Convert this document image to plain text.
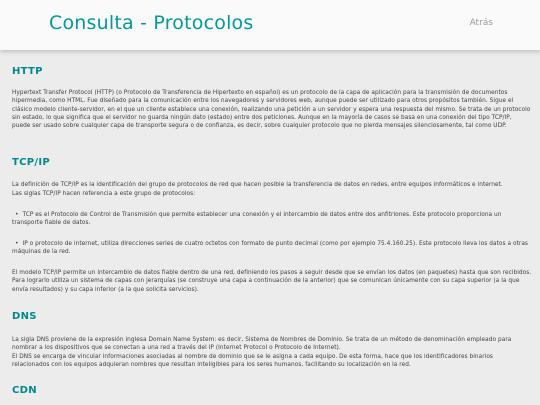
Consulta - Protocolos	Atrás
HTTP

Hypertext Transfer Protocol (HTTP) (o Protocolo de Transferencia de Hipertexto en español) es un protocolo de la capa de aplicación para la transmisión de documentos hipermedia, como HTML. Fue diseñado para la comunicación entre los navegadores y servidores web, aunque puede ser utilizado para otros propósitos también. Sigue el clásico modelo cliente-servidor, en el que un cliente establece una conexión, realizando una petición a un servidor y espera una respuesta del mismo. Se trata de un protocolo sin estado, lo que significa que el servidor no guarda ningún dato (estado) entre dos peticiones. Aunque en la mayoría de casos se basa en una conexión del tipo TCP/IP, puede ser usado sobre cualquier capa de transporte segura o de confianza, es decir, sobre cualquier protocolo que no pierda mensajes silenciosamente, tal como UDP.

TCP/IP

La definición de TCP/IP es la identificación del grupo de protocolos de red que hacen posible la transferencia de datos en redes, entre equipos informáticos e internet.

Las siglas TCP/IP hacen referencia a este grupo de protocolos:

• TCP es el Protocolo de Control de Transmisión que permite establecer una conexión y el intercambio de datos entre dos anfitriones. Este protocolo proporciona un transporte fiable de datos.

• IP o protocolo de internet, utiliza direcciones series de cuatro octetos con formato de punto decimal (como por ejemplo 75.4.160.25). Este protocolo lleva los datos a otras máquinas de la red.

El modelo TCP/IP permite un intercambio de datos fiable dentro de una red, definiendo los pasos a seguir desde que se envían los datos (en paquetes) hasta que son recibidos. Para lograrlo utiliza un sistema de capas con jerarquías (se construye una capa a continuación de la anterior) que se comunican únicamente con su capa superior (a la que envía resultados) y su capa inferior (a la que solicita servicios).

DNS

La sigla DNS proviene de la expresión inglesa Domain Name System: es decir, Sistema de Nombres de Dominio. Se trata de un método de denominación empleado para nombrar a los dispositivos que se conectan a una red a través del IP (Internet Protocol o Protocolo de Internet).
El DNS se encarga de vincular informaciones asociadas al nombre de dominio que se le asigna a cada equipo. De esta forma, hace que los identificadores binarios relacionados con los equipos adquieran nombres que resultan inteligibles para los seres humanos, facilitando su localización en la red.

CDN
